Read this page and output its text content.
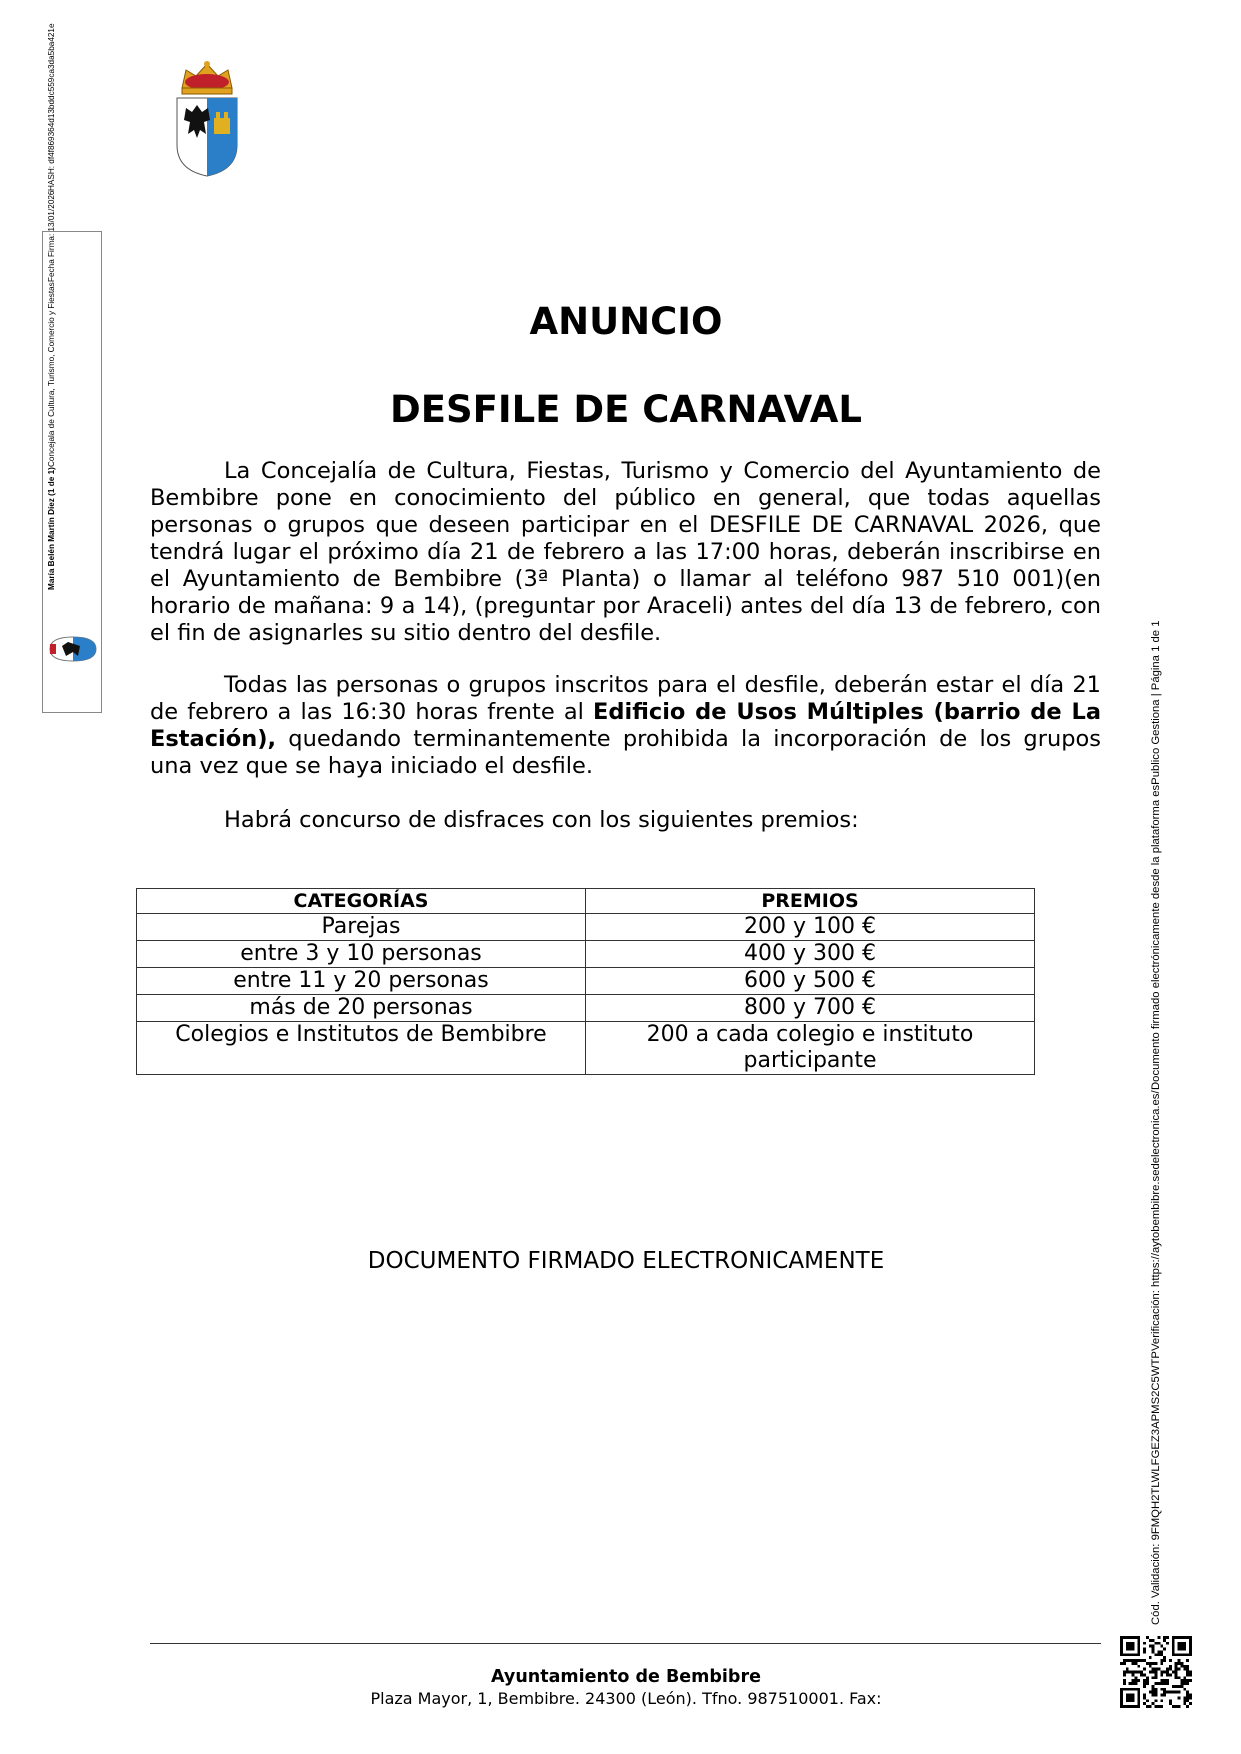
María Belén Martín Díez (1 de 1)
Concejala de Cultura, Turismo, Comercio y Fiestas
Fecha Firma: 13/01/2026
HASH: df4f869364d13bddc559ca3da5ba421e
ANUNCIO
DESFILE DE CARNAVAL
La Concejalía de Cultura, Fiestas, Turismo y Comercio del Ayuntamiento de Bembibre pone en conocimiento del público en general, que todas aquellas personas o grupos que deseen participar en el DESFILE DE CARNAVAL 2026, que tendrá lugar el próximo día 21 de febrero a las 17:00 horas, deberán inscribirse en el Ayuntamiento de Bembibre (3ª Planta) o llamar al teléfono 987 510 001)(en horario de mañana: 9 a 14), (preguntar por Araceli) antes del día 13 de febrero, con el fin de asignarles su sitio dentro del desfile.
Todas las personas o grupos inscritos para el desfile, deberán estar el día 21 de febrero a las 16:30 horas frente al Edificio de Usos Múltiples (barrio de La Estación), quedando terminantemente prohibida la incorporación de los grupos una vez que se haya iniciado el desfile.
Habrá concurso de disfraces con los siguientes premios:
CATEGORÍAS	PREMIOS
Parejas	200 y 100 €
entre 3 y 10 personas	400 y 300 €
entre 11 y 20 personas	600 y 500 €
más de 20 personas	800 y 700 €
Colegios e Institutos de Bembibre	200 a cada colegio e instituto participante
DOCUMENTO FIRMADO ELECTRONICAMENTE
Cód. Validación: 9FMQH2TLWLFGEZ3APMS2C5WTP
Verificación: https://aytobembibre.sedelectronica.es/
Documento firmado electrónicamente desde la plataforma esPublico Gestiona | Página 1 de 1
Ayuntamiento de Bembibre
Plaza Mayor, 1, Bembibre. 24300 (León). Tfno. 987510001. Fax:
